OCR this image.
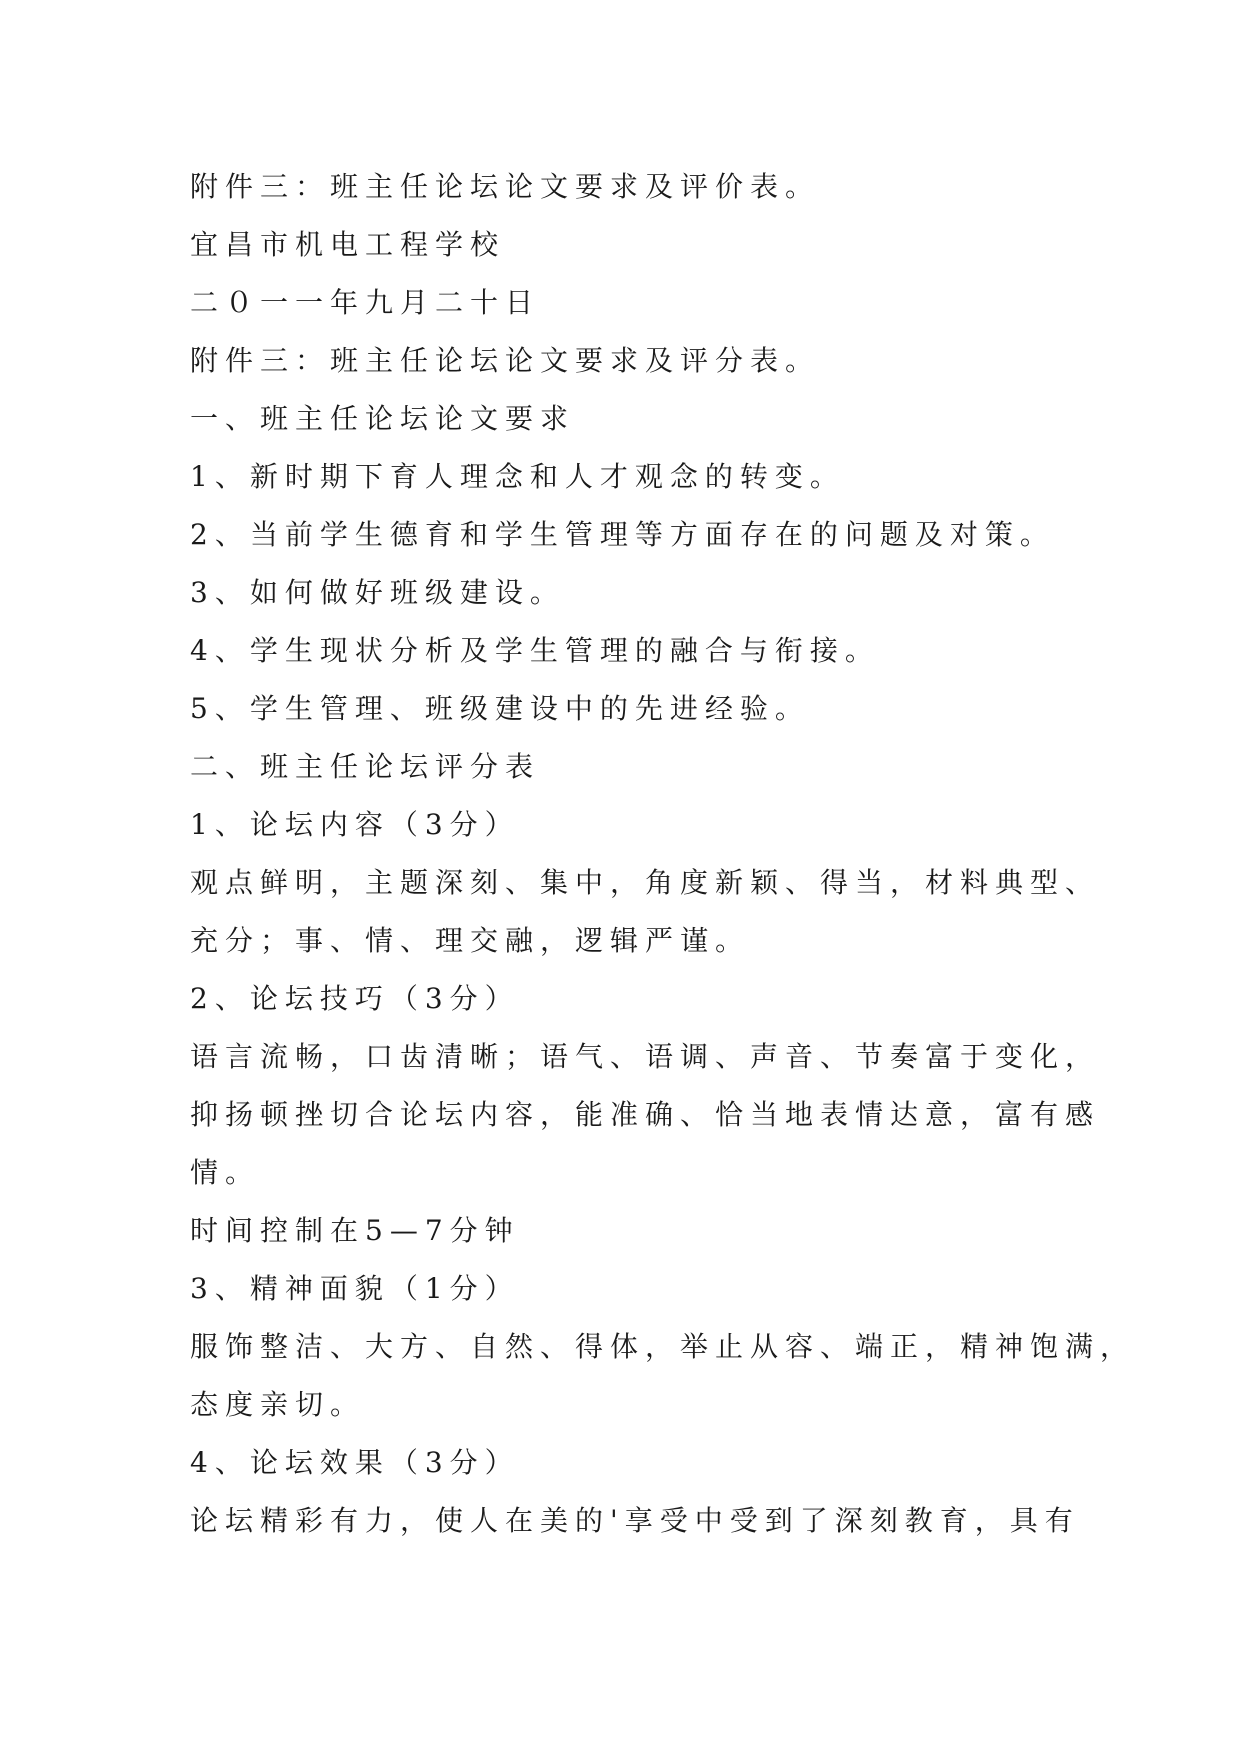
附件三：班主任论坛论文要求及评价表。

宜昌市机电工程学校

二０一一年九月二十日

附件三：班主任论坛论文要求及评分表。

一、班主任论坛论文要求

1、新时期下育人理念和人才观念的转变。

2、当前学生德育和学生管理等方面存在的问题及对策。

3、如何做好班级建设。

4、学生现状分析及学生管理的融合与衔接。

5、学生管理、班级建设中的先进经验。

二、班主任论坛评分表

1、论坛内容（3分）

观点鲜明，主题深刻、集中，角度新颖、得当，材料典型、

充分；事、情、理交融，逻辑严谨。

2、论坛技巧（3分）

语言流畅，口齿清晰；语气、语调、声音、节奏富于变化，

抑扬顿挫切合论坛内容，能准确、恰当地表情达意，富有感

情。

时间控制在5—7分钟

3、精神面貌（1分）

服饰整洁、大方、自然、得体，举止从容、端正，精神饱满，

态度亲切。

4、论坛效果（3分）

论坛精彩有力，使人在美的'享受中受到了深刻教育，具有
